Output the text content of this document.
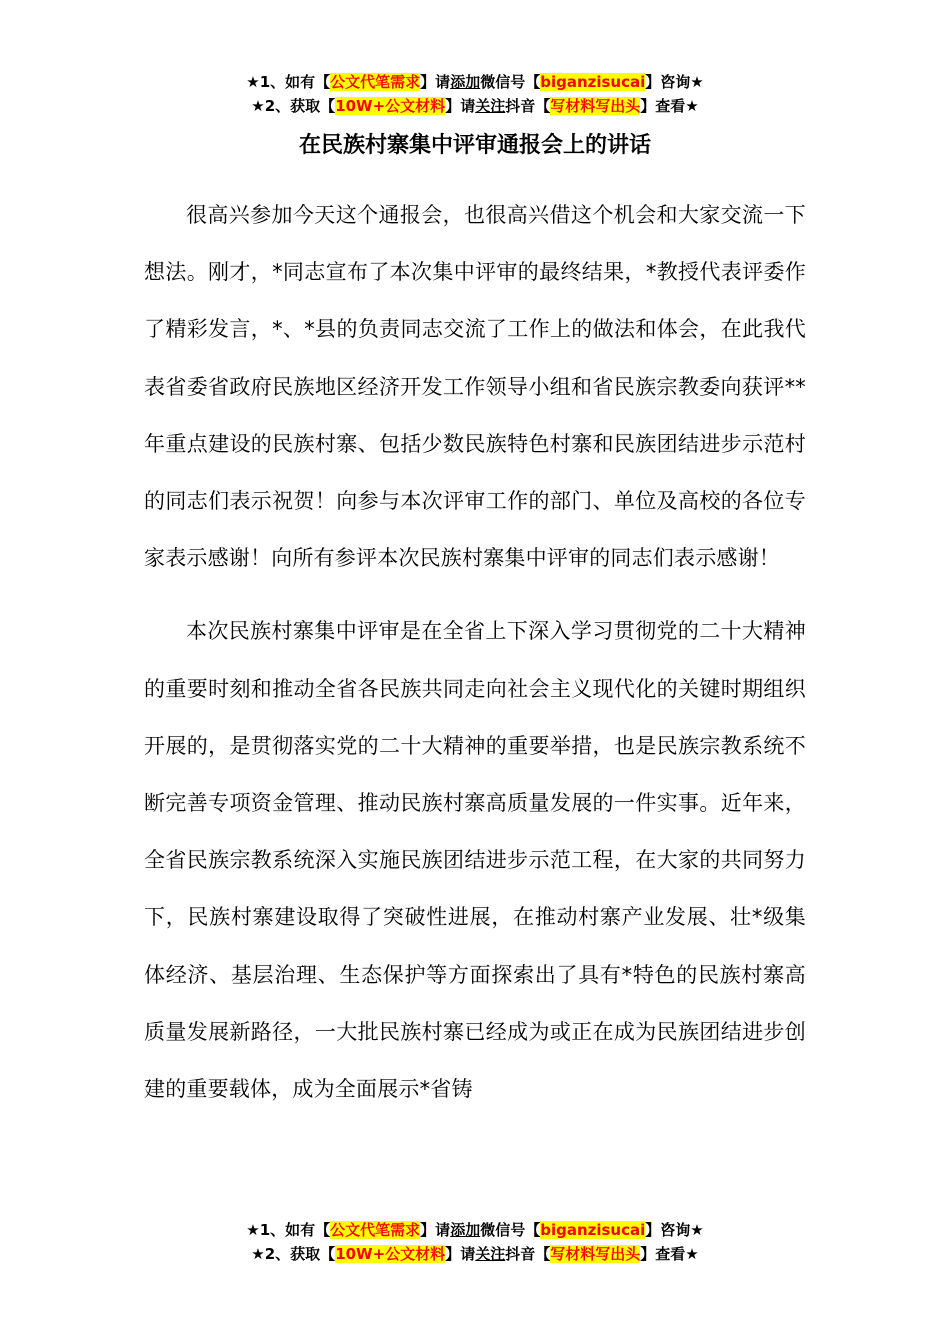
★1、如有【公文代笔需求】请添加微信号【biganzisucai】咨询★
★2、获取【10W+公文材料】请关注抖音【写材料写出头】查看★
在民族村寨集中评审通报会上的讲话

很高兴参加今天这个通报会，也很高兴借这个机会和大家交流一下想法。刚才，*同志宣布了本次集中评审的最终结果，*教授代表评委作了精彩发言，*、*县的负责同志交流了工作上的做法和体会，在此我代表省委省政府民族地区经济开发工作领导小组和省民族宗教委向获评**年重点建设的民族村寨、包括少数民族特色村寨和民族团结进步示范村的同志们表示祝贺！向参与本次评审工作的部门、单位及高校的各位专家表示感谢！向所有参评本次民族村寨集中评审的同志们表示感谢！

本次民族村寨集中评审是在全省上下深入学习贯彻党的二十大精神的重要时刻和推动全省各民族共同走向社会主义现代化的关键时期组织开展的，是贯彻落实党的二十大精神的重要举措，也是民族宗教系统不断完善专项资金管理、推动民族村寨高质量发展的一件实事。近年来，全省民族宗教系统深入实施民族团结进步示范工程，在大家的共同努力下，民族村寨建设取得了突破性进展，在推动村寨产业发展、壮*级集体经济、基层治理、生态保护等方面探索出了具有*特色的民族村寨高质量发展新路径，一大批民族村寨已经成为或正在成为民族团结进步创建的重要载体，成为全面展示*省铸

★1、如有【公文代笔需求】请添加微信号【biganzisucai】咨询★
★2、获取【10W+公文材料】请关注抖音【写材料写出头】查看★
